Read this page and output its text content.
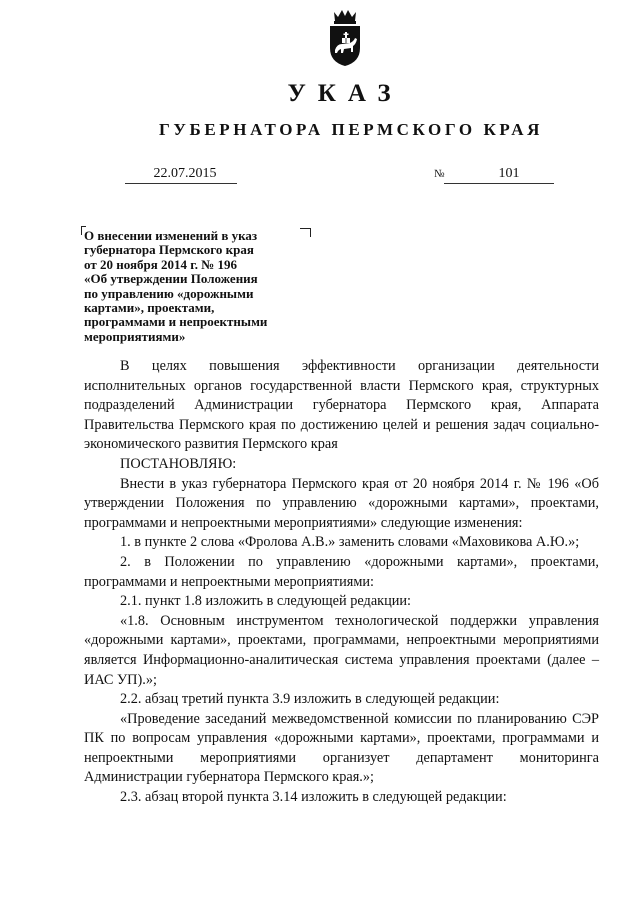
УКАЗ
ГУБЕРНАТОРА ПЕРМСКОГО КРАЯ
22.07.2015	№	101
О внесении изменений в указ
губернатора Пермского края
от 20 ноября 2014 г. № 196
«Об утверждении Положения
по управлению «дорожными
картами», проектами,
программами и непроектными
мероприятиями»

В целях повышения эффективности организации деятельности исполнительных органов государственной власти Пермского края, структурных подразделений Администрации губернатора Пермского края, Аппарата Правительства Пермского края по достижению целей и решения задач социально-экономического развития Пермского края

ПОСТАНОВЛЯЮ:

Внести в указ губернатора Пермского края от 20 ноября 2014 г. № 196 «Об утверждении Положения по управлению «дорожными картами», проектами, программами и непроектными мероприятиями» следующие изменения:

1. в пункте 2 слова «Фролова А.В.» заменить словами «Маховикова А.Ю.»;

2. в Положении по управлению «дорожными картами», проектами, программами и непроектными мероприятиями:

2.1. пункт 1.8 изложить в следующей редакции:

«1.8. Основным инструментом технологической поддержки управления «дорожными картами», проектами, программами, непроектными мероприятиями является Информационно-аналитическая система управления проектами (далее – ИАС УП).»;

2.2. абзац третий пункта 3.9 изложить в следующей редакции:

«Проведение заседаний межведомственной комиссии по планированию СЭР ПК по вопросам управления «дорожными картами», проектами, программами и непроектными мероприятиями организует департамент мониторинга Администрации губернатора Пермского края.»;

2.3. абзац второй пункта 3.14 изложить в следующей редакции:
